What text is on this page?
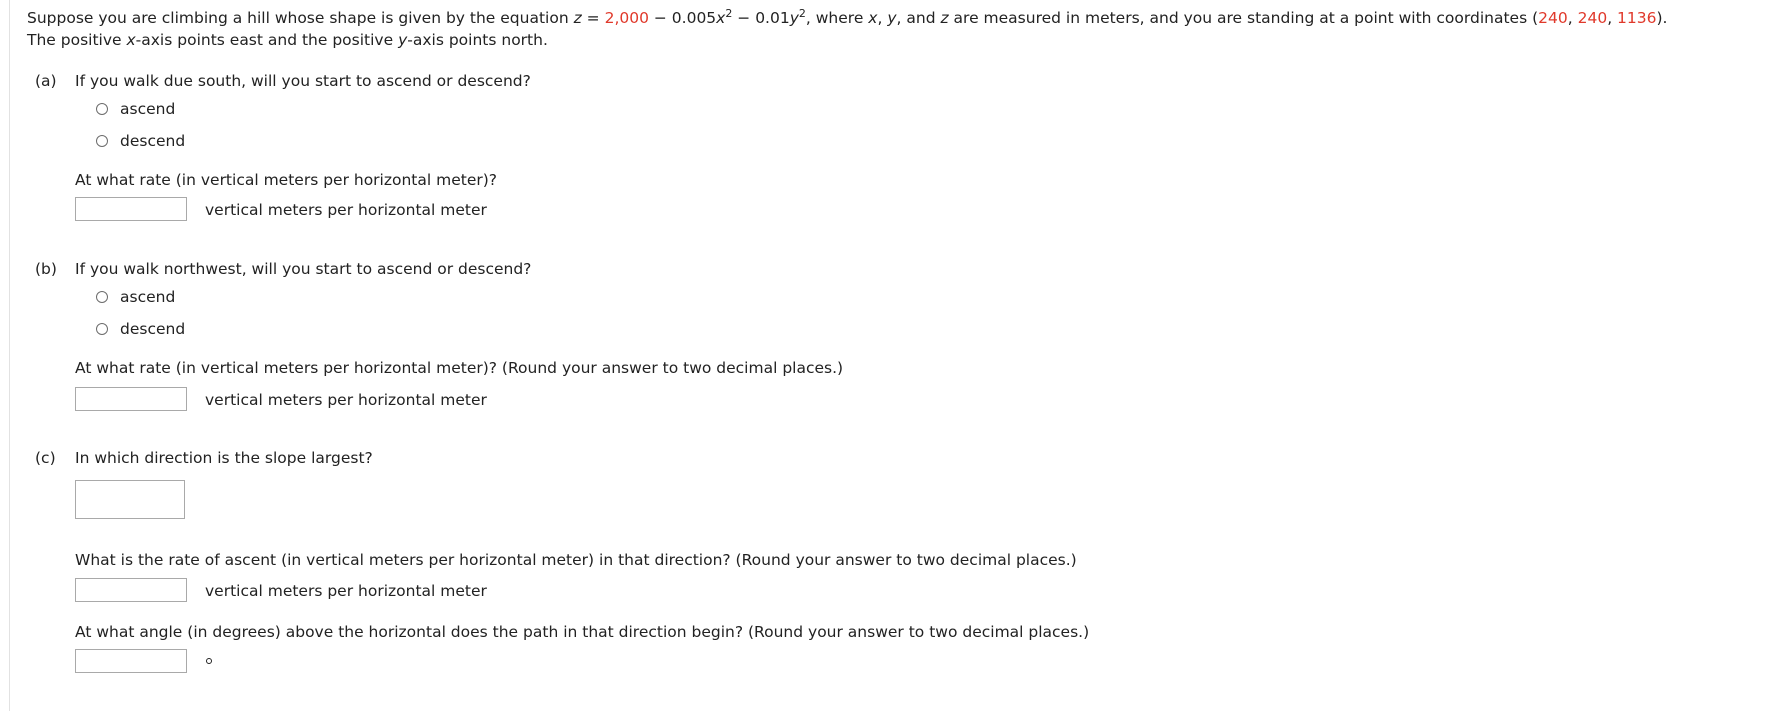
Suppose you are climbing a hill whose shape is given by the equation $z = 2,000 - 0.005x^2 - 0.01y^2$, where x, y, and z are measured in meters, and you are standing at a point with coordinates (240, 240, 1136).
The positive x-axis points east and the positive y-axis points north.
(a) If you walk due south, will you start to ascend or descend?
ascend
descend
At what rate (in vertical meters per horizontal meter)?
vertical meters per horizontal meter
(b) If you walk northwest, will you start to ascend or descend?
ascend
descend
At what rate (in vertical meters per horizontal meter)? (Round your answer to two decimal places.)
vertical meters per horizontal meter
(c) In which direction is the slope largest?
What is the rate of ascent (in vertical meters per horizontal meter) in that direction? (Round your answer to two decimal places.)
vertical meters per horizontal meter
At what angle (in degrees) above the horizontal does the path in that direction begin? (Round your answer to two decimal places.)
